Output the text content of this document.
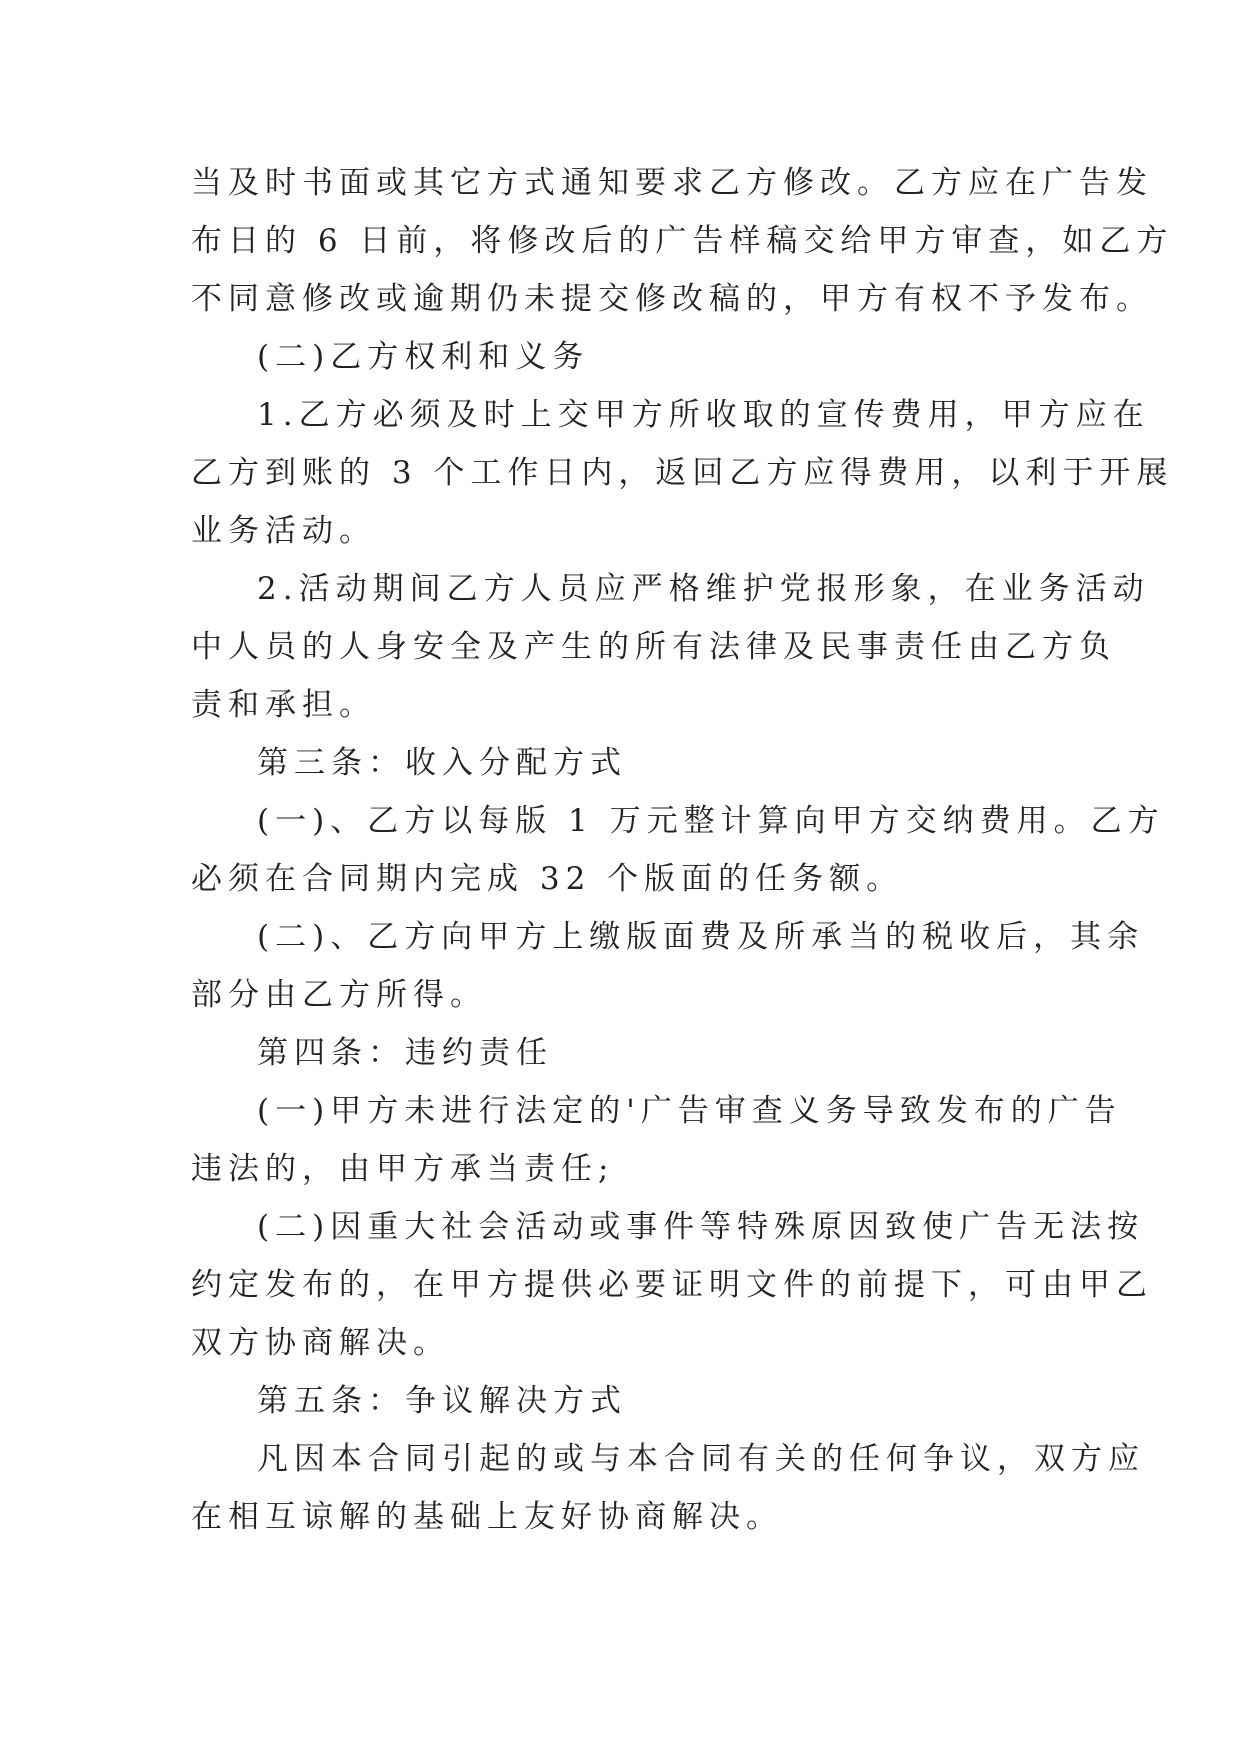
当及时书面或其它方式通知要求乙方修改。乙方应在广告发
布日的 6 日前，将修改后的广告样稿交给甲方审查，如乙方
不同意修改或逾期仍未提交修改稿的，甲方有权不予发布。
(二)乙方权利和义务
1.乙方必须及时上交甲方所收取的宣传费用，甲方应在
乙方到账的 3 个工作日内，返回乙方应得费用，以利于开展
业务活动。
2.活动期间乙方人员应严格维护党报形象，在业务活动
中人员的人身安全及产生的所有法律及民事责任由乙方负
责和承担。
第三条：收入分配方式
(一)、乙方以每版 1 万元整计算向甲方交纳费用。乙方
必须在合同期内完成 32 个版面的任务额。
(二)、乙方向甲方上缴版面费及所承当的税收后，其余
部分由乙方所得。
第四条：违约责任
(一)甲方未进行法定的'广告审查义务导致发布的广告
违法的，由甲方承当责任;
(二)因重大社会活动或事件等特殊原因致使广告无法按
约定发布的，在甲方提供必要证明文件的前提下，可由甲乙
双方协商解决。
第五条：争议解决方式
凡因本合同引起的或与本合同有关的任何争议，双方应
在相互谅解的基础上友好协商解决。
